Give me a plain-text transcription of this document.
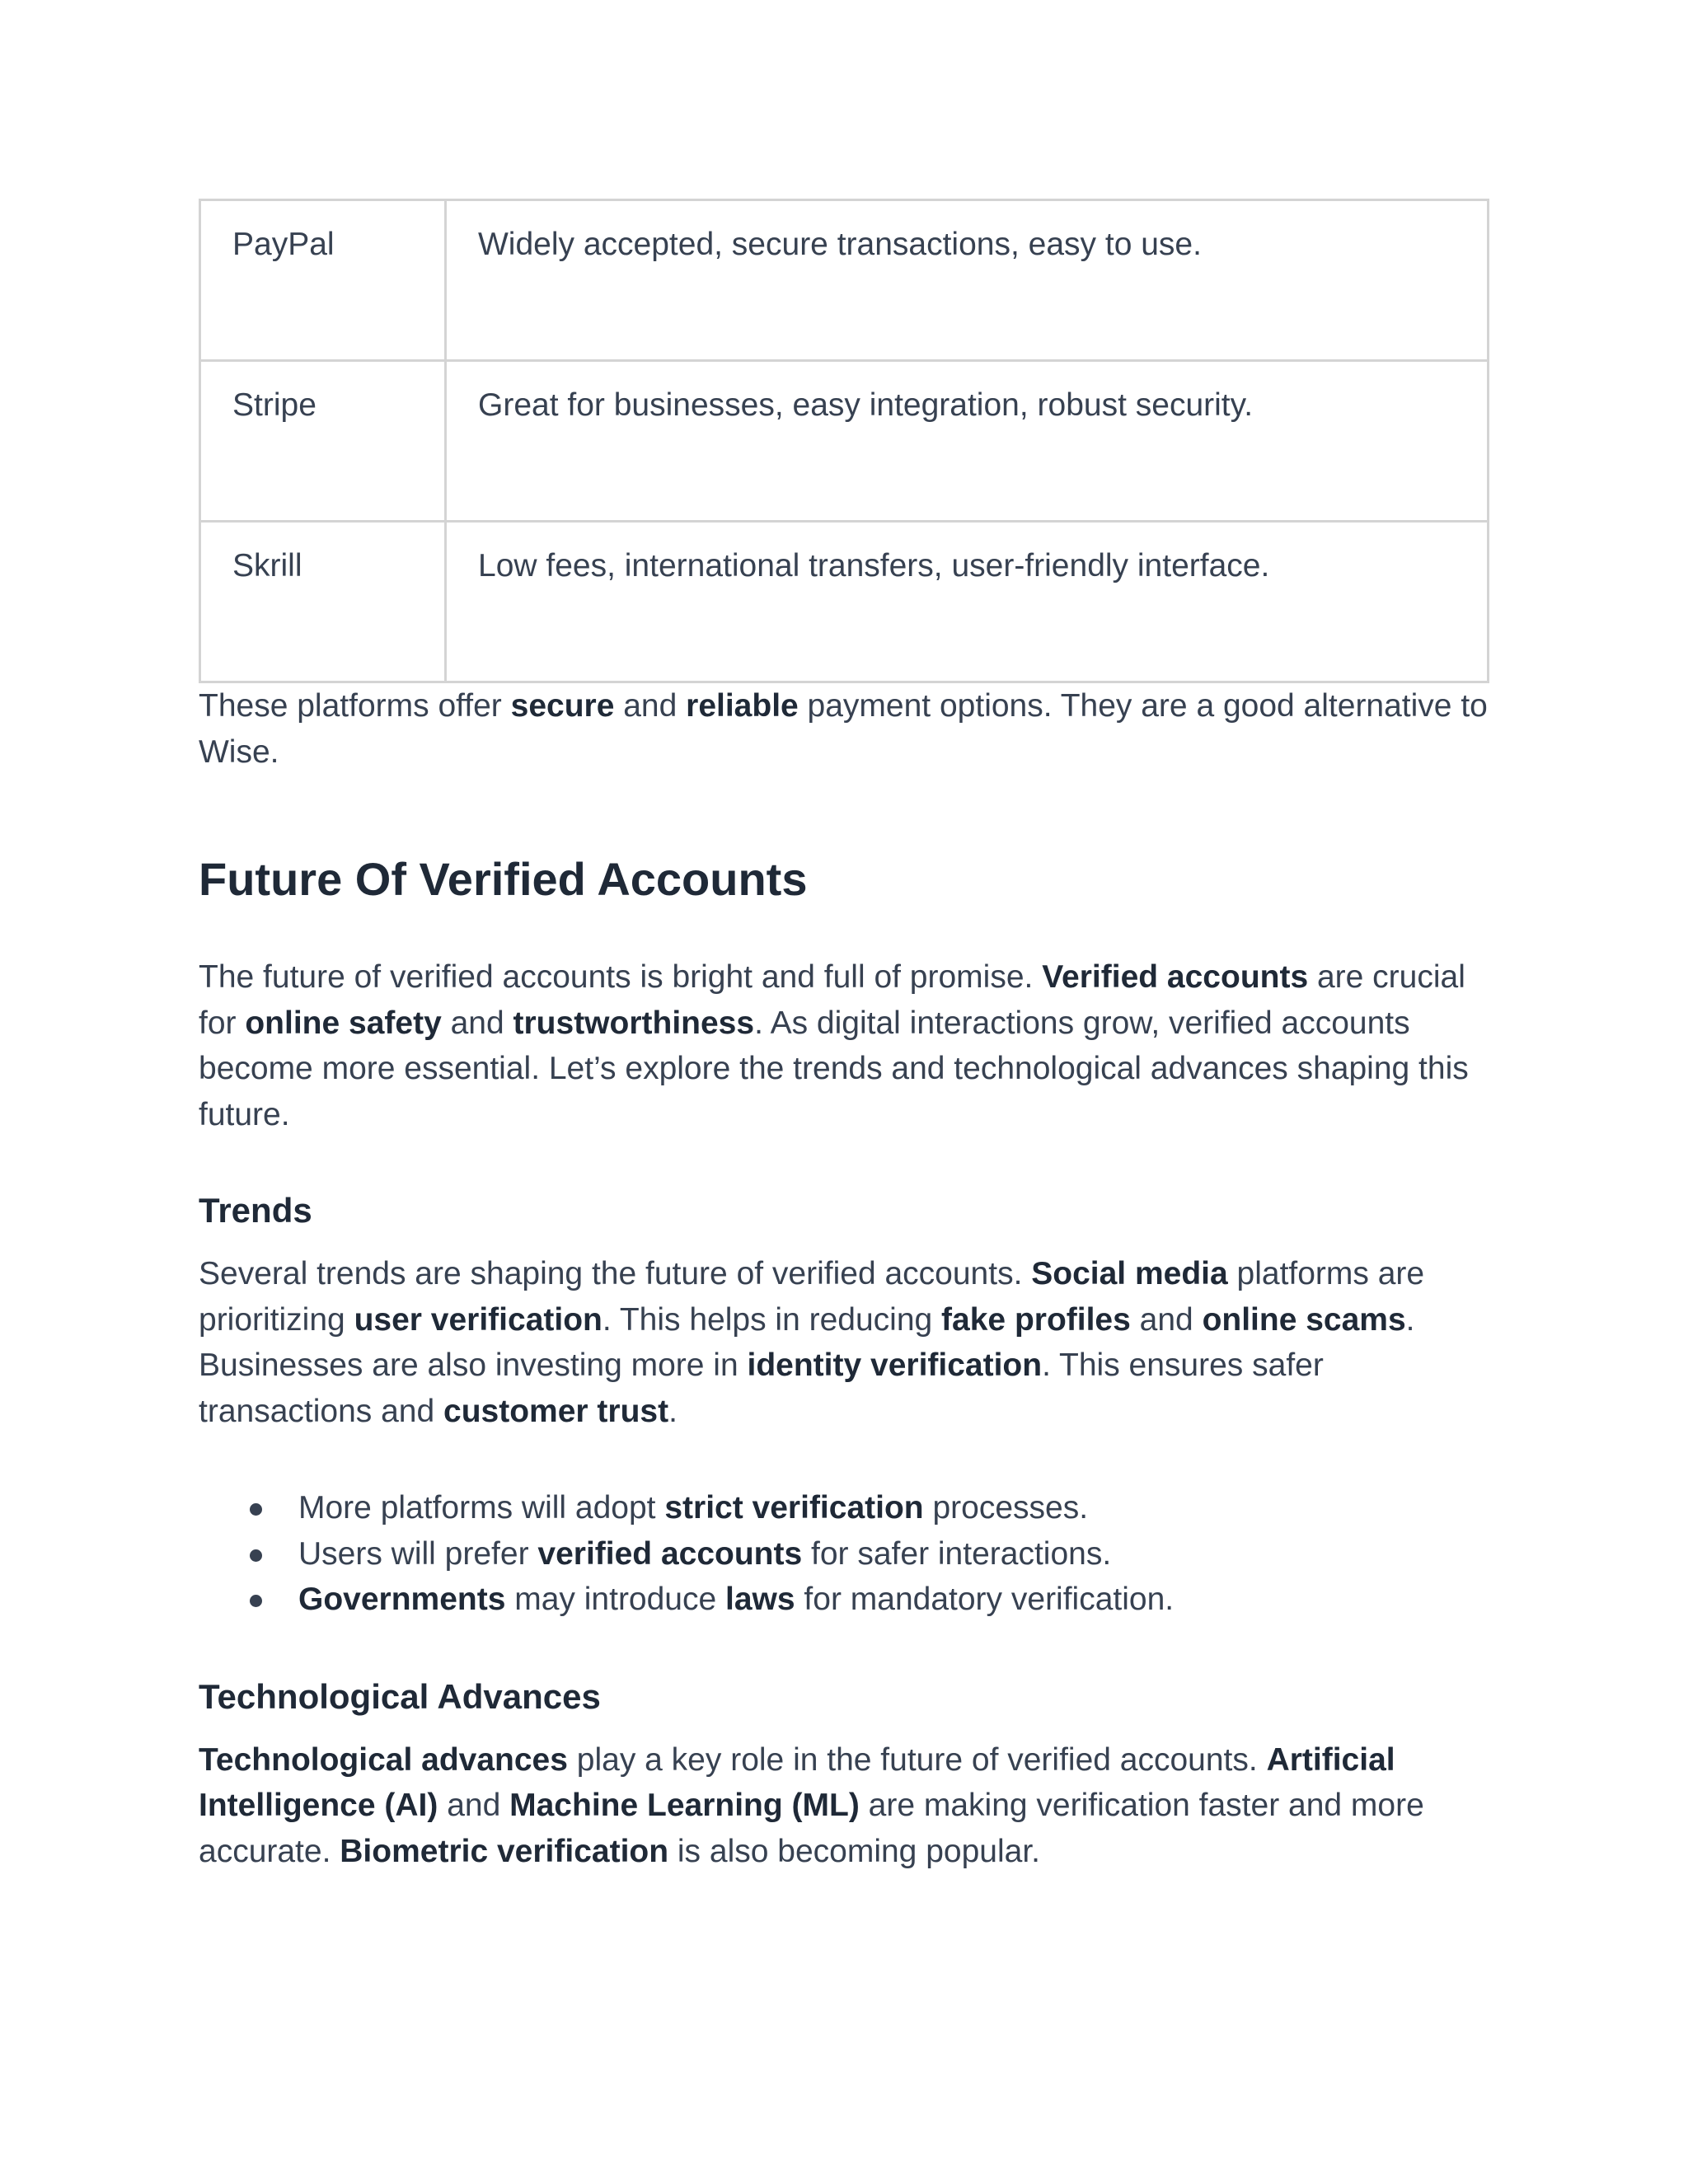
PayPal	Widely accepted, secure transactions, easy to use.
Stripe	Great for businesses, easy integration, robust security.
Skrill	Low fees, international transfers, user-friendly interface.

These platforms offer secure and reliable payment options. They are a good alternative to Wise.

Future Of Verified Accounts

The future of verified accounts is bright and full of promise. Verified accounts are crucial for online safety and trustworthiness. As digital interactions grow, verified accounts become more essential. Let’s explore the trends and technological advances shaping this future.

Trends

Several trends are shaping the future of verified accounts. Social media platforms are prioritizing user verification. This helps in reducing fake profiles and online scams. Businesses are also investing more in identity verification. This ensures safer transactions and customer trust.

More platforms will adopt strict verification processes.
Users will prefer verified accounts for safer interactions.
Governments may introduce laws for mandatory verification.
Technological Advances

Technological advances play a key role in the future of verified accounts. Artificial Intelligence (AI) and Machine Learning (ML) are making verification faster and more accurate. Biometric verification is also becoming popular.
